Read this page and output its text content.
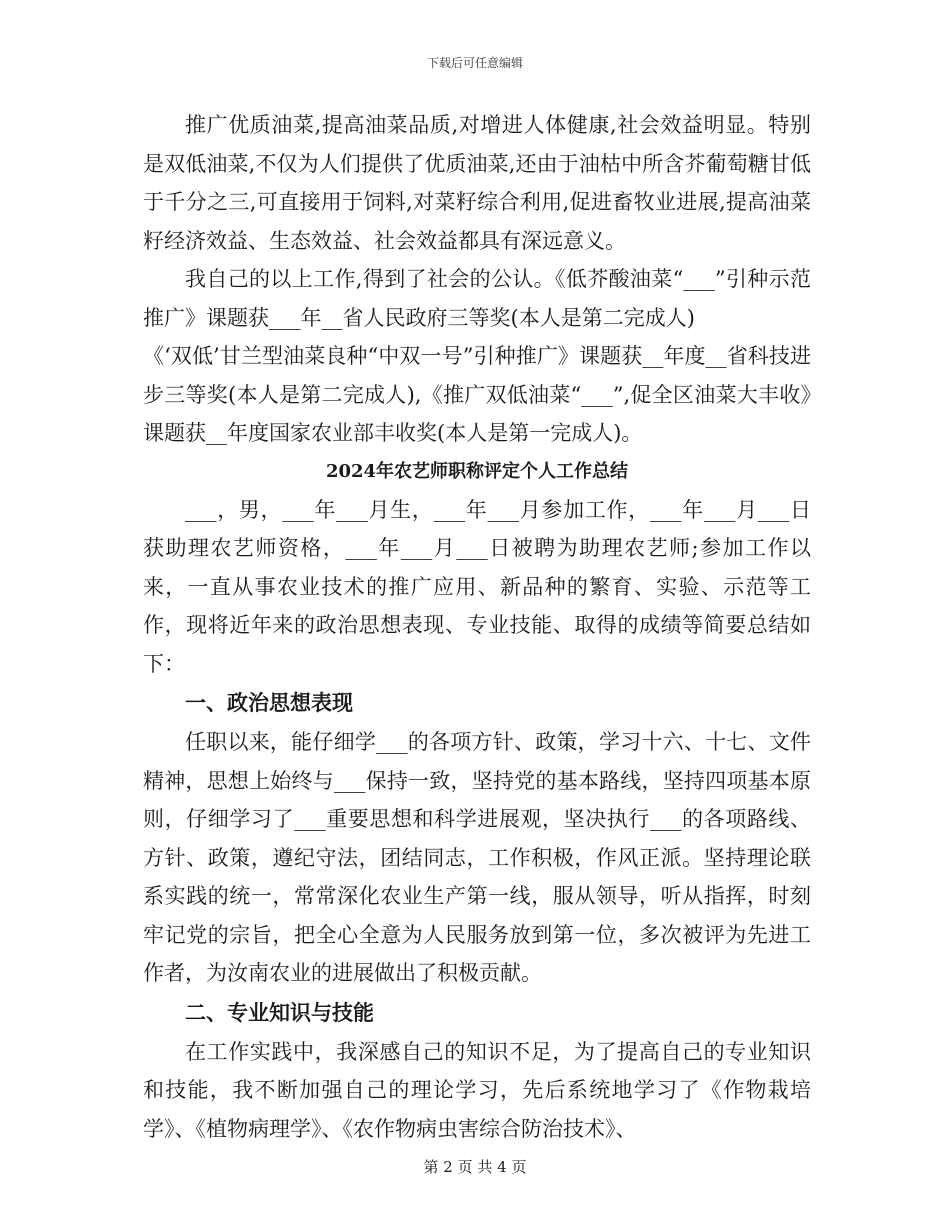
下载后可任意编辑

推广优质油菜,提高油菜品质,对增进人体健康,社会效益明显。特别是双低油菜,不仅为人们提供了优质油菜,还由于油枯中所含芥葡萄糖甘低于千分之三,可直接用于饲料,对菜籽综合利用,促进畜牧业进展,提高油菜籽经济效益、生态效益、社会效益都具有深远意义。

我自己的以上工作,得到了社会的公认。《低芥酸油菜“___”引种示范推广》课题获___年__省人民政府三等奖(本人是第二完成人)

《‘双低’甘兰型油菜良种“中双一号”引种推广》课题获__年度__省科技进步三等奖(本人是第二完成人),《推广双低油菜“___”,促全区油菜大丰收》课题获__年度国家农业部丰收奖(本人是第一完成人)。

2024年农艺师职称评定个人工作总结

___，男，___年___月生，___年___月参加工作，___年___月___日获助理农艺师资格，___年___月___日被聘为助理农艺师;参加工作以来，一直从事农业技术的推广应用、新品种的繁育、实验、示范等工作，现将近年来的政治思想表现、专业技能、取得的成绩等简要总结如下：

一、政治思想表现

任职以来，能仔细学___的各项方针、政策，学习十六、十七、文件精神，思想上始终与___保持一致，坚持党的基本路线，坚持四项基本原则，仔细学习了___重要思想和科学进展观，坚决执行___的各项路线、方针、政策，遵纪守法，团结同志，工作积极，作风正派。坚持理论联系实践的统一，常常深化农业生产第一线，服从领导，听从指挥，时刻牢记党的宗旨，把全心全意为人民服务放到第一位，多次被评为先进工作者，为汝南农业的进展做出了积极贡献。

二、专业知识与技能

在工作实践中，我深感自己的知识不足，为了提高自己的专业知识和技能，我不断加强自己的理论学习，先后系统地学习了《作物栽培学》、《植物病理学》、《农作物病虫害综合防治技术》、

第 2 页 共 4 页
